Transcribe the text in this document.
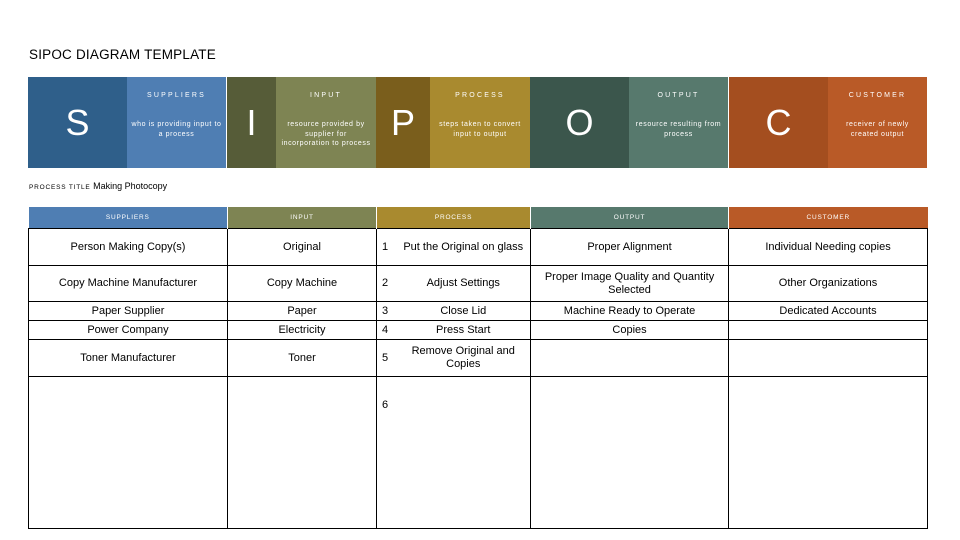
SIPOC DIAGRAM TEMPLATE
S
SUPPLIERS
who is providing input to a process	I
INPUT
resource provided by supplier for incorporation to process
P
PROCESS
steps taken to convert input to output	O
OUTPUT
resource resulting from process	C
CUSTOMER
receiver of newly created output
PROCESS TITLE Making Photocopy
SUPPLIERS	INPUT	PROCESS		OUTPUT	CUSTOMER
Person Making Copy(s)	Original	1	Put the Original on glass	Proper Alignment	Individual Needing copies
Copy Machine Manufacturer	Copy Machine	2	Adjust Settings	Proper Image Quality and Quantity Selected	Other Organizations
Paper Supplier	Paper	3	Close Lid	Machine Ready to Operate	Dedicated Accounts
Power Company	Electricity	4	Press Start	Copies	
Toner Manufacturer	Toner	5	Remove Original and Copies		
		6			
